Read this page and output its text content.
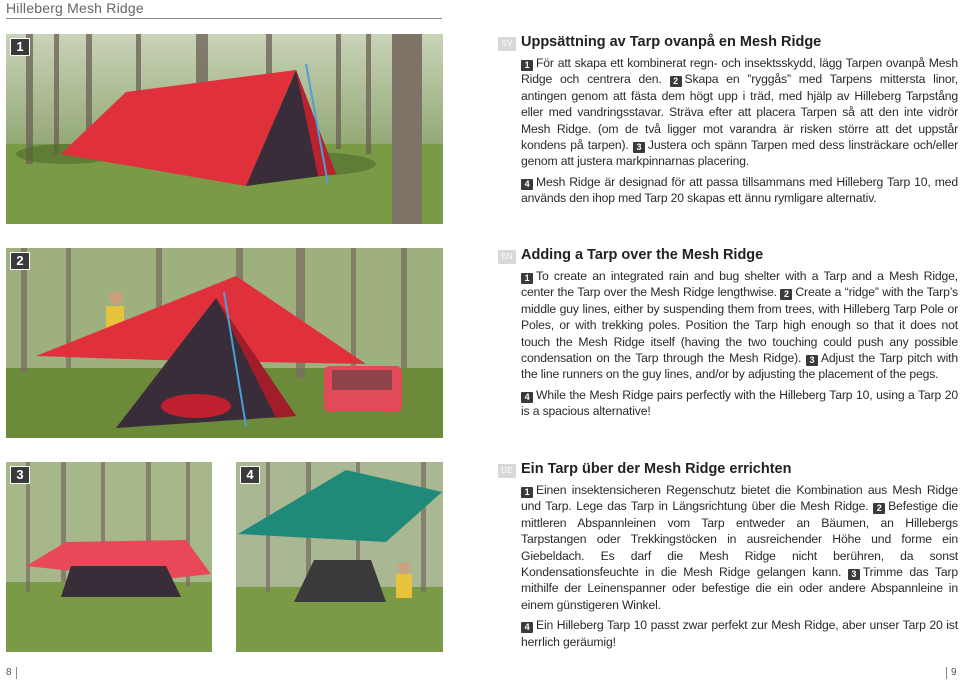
Hilleberg Mesh Ridge
1
2
3	4
SV Uppsättning av Tarp ovanpå en Mesh Ridge

1 För att skapa ett kombinerat regn- och insektsskydd, lägg Tarpen ovanpå Mesh Ridge och centrera den. 2 Skapa en ”ryggås” med Tarpens mittersta linor, antingen genom att fästa dem högt upp i träd, med hjälp av Hilleberg Tarpstång eller med vandringsstavar. Sträva efter att placera Tarpen så att den inte vidrör Mesh Ridge. (om de två ligger mot varandra är risken större att det uppstår kondens på tarpen). 3 Justera och spänn Tarpen med dess linsträckare och/eller genom att justera markpinnarnas placering.

4 Mesh Ridge är designad för att passa tillsammans med Hilleberg Tarp 10, med används den ihop med Tarp 20 skapas ett ännu rymligare alternativ.

EN Adding a Tarp over the Mesh Ridge

1 To create an integrated rain and bug shelter with a Tarp and a Mesh Ridge, center the Tarp over the Mesh Ridge lengthwise. 2 Create a “ridge” with the Tarp’s middle guy lines, either by suspending them from trees, with Hilleberg Tarp Pole or Poles, or with trekking poles. Position the Tarp high enough so that it does not touch the Mesh Ridge itself (having the two touching could push any possible condensation on the Tarp through the Mesh Ridge). 3 Adjust the Tarp pitch with the line runners on the guy lines, and/or by adjusting the placement of the pegs.

4 While the Mesh Ridge pairs perfectly with the Hilleberg Tarp 10, using a Tarp 20 is a spacious alternative!

DE Ein Tarp über der Mesh Ridge errichten

1 Einen insektensicheren Regenschutz bietet die Kombination aus Mesh Ridge und Tarp. Lege das Tarp in Längsrichtung über die Mesh Ridge. 2 Befestige die mittleren Abspannleinen vom Tarp entweder an Bäumen, an Hillebergs Tarpstangen oder Trekkingstöcken in ausreichender Höhe und forme ein Giebeldach. Es darf die Mesh Ridge nicht berühren, da sonst Kondensationsfeuchte in die Mesh Ridge gelangen kann. 3 Trimme das Tarp mithilfe der Leinenspanner oder befestige die ein oder andere Abspannleine in einem günstigeren Winkel.

4 Ein Hilleberg Tarp 10 passt zwar perfekt zur Mesh Ridge, aber unser Tarp 20 ist herrlich geräumig!

8	9
